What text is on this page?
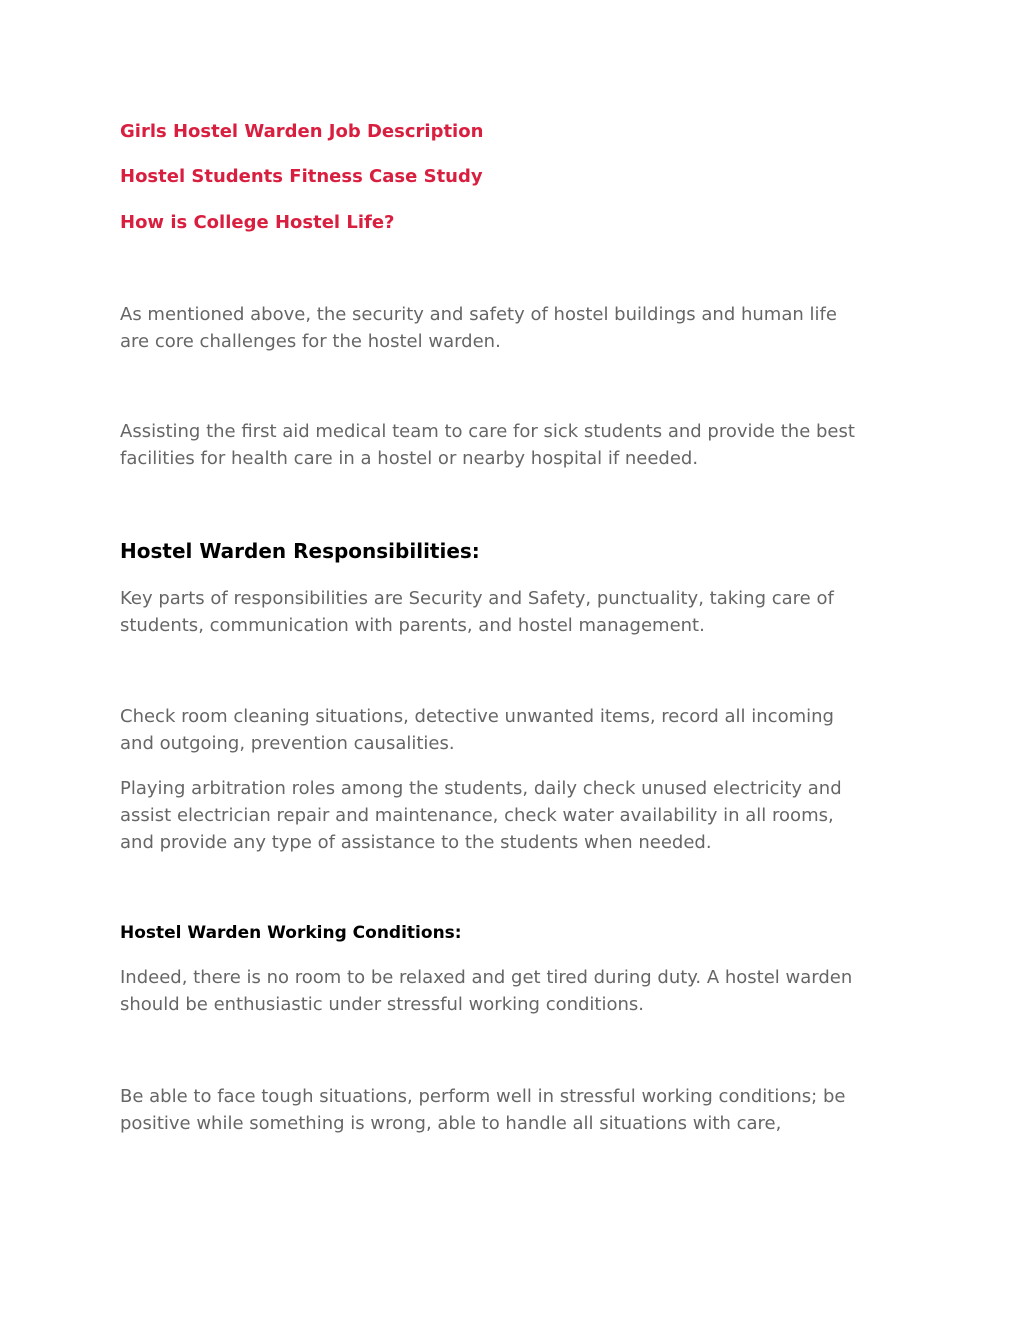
Girls Hostel Warden Job Description
Hostel Students Fitness Case Study
How is College Hostel Life?

As mentioned above, the security and safety of hostel buildings and human life
are core challenges for the hostel warden.

Assisting the first aid medical team to care for sick students and provide the best
facilities for health care in a hostel or nearby hospital if needed.

Hostel Warden Responsibilities:

Key parts of responsibilities are Security and Safety, punctuality, taking care of
students, communication with parents, and hostel management.

Check room cleaning situations, detective unwanted items, record all incoming
and outgoing, prevention causalities.

Playing arbitration roles among the students, daily check unused electricity and
assist electrician repair and maintenance, check water availability in all rooms,
and provide any type of assistance to the students when needed.

Hostel Warden Working Conditions:

Indeed, there is no room to be relaxed and get tired during duty. A hostel warden
should be enthusiastic under stressful working conditions.

Be able to face tough situations, perform well in stressful working conditions; be
positive while something is wrong, able to handle all situations with care,
